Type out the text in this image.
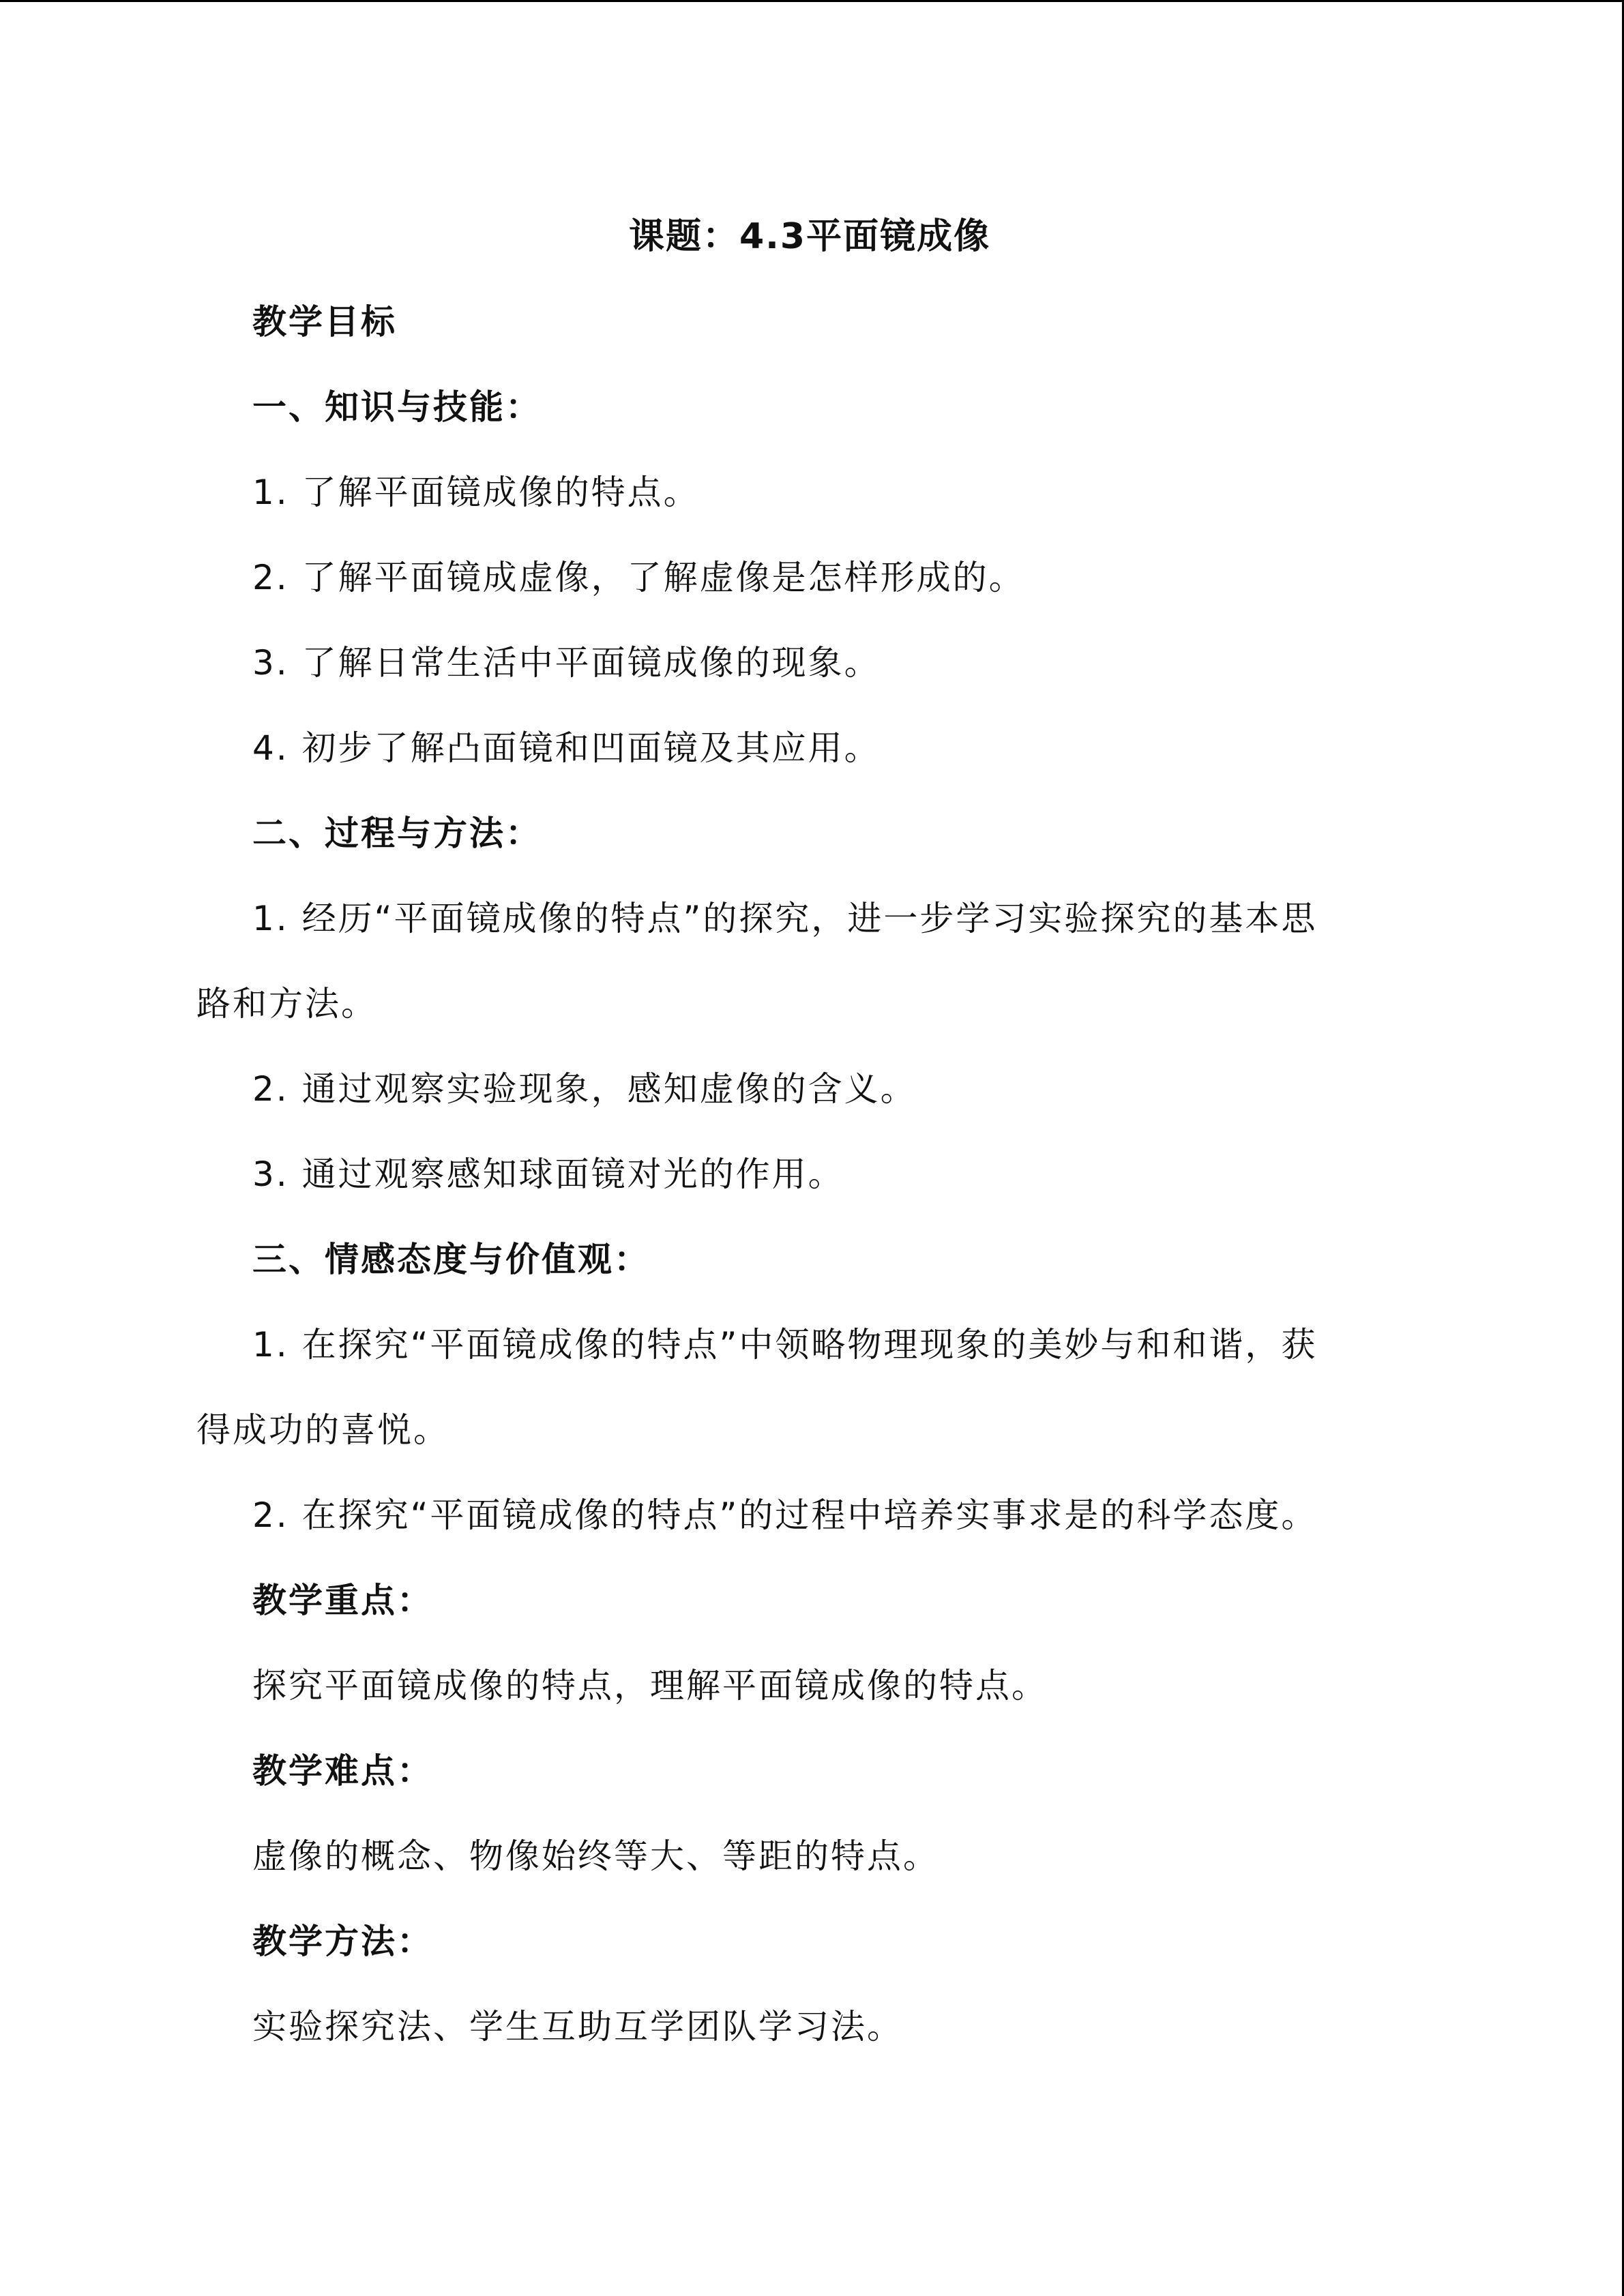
课题：4.3平面镜成像
教学目标
一、知识与技能：
1. 了解平面镜成像的特点。
2. 了解平面镜成虚像，了解虚像是怎样形成的。
3. 了解日常生活中平面镜成像的现象。
4. 初步了解凸面镜和凹面镜及其应用。
二、过程与方法：
1. 经历“平面镜成像的特点”的探究，进一步学习实验探究的基本思
路和方法。
2. 通过观察实验现象，感知虚像的含义。
3. 通过观察感知球面镜对光的作用。
三、情感态度与价值观：
1. 在探究“平面镜成像的特点”中领略物理现象的美妙与和和谐，获
得成功的喜悦。
2. 在探究“平面镜成像的特点”的过程中培养实事求是的科学态度。
教学重点：
探究平面镜成像的特点，理解平面镜成像的特点。
教学难点：
虚像的概念、物像始终等大、等距的特点。
教学方法：
实验探究法、学生互助互学团队学习法。
